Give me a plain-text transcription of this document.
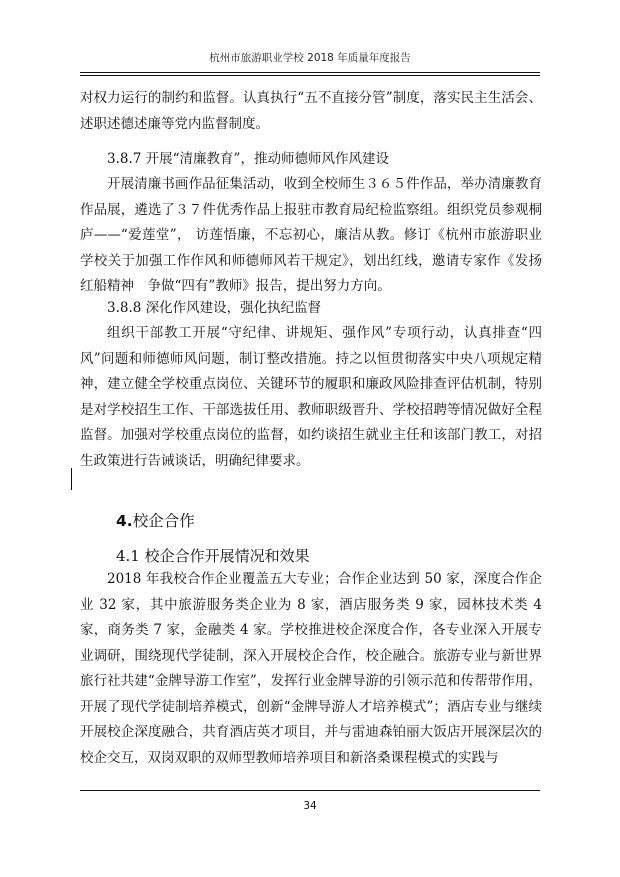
杭州市旅游职业学校 2018 年质量年度报告

对权力运行的制约和监督。认真执行“五不直接分管”制度，落实民主生活会、述职述德述廉等党内监督制度。

3.8.7 开展“清廉教育”，推动师德师风作风建设

开展清廉书画作品征集活动，收到全校师生３６５件作品，举办清廉教育作品展，遴选了３７件优秀作品上报驻市教育局纪检监察组。组织党员参观桐庐——“爱莲堂”， 访莲悟廉，不忘初心，廉洁从教。修订《杭州市旅游职业学校关于加强工作作风和师德师风若干规定》，划出红线，邀请专家作《发扬红船精神　争做“四有”教师》报告，提出努力方向。

3.8.8 深化作风建设，强化执纪监督

组织干部教工开展“守纪律、讲规矩、强作风”专项行动，认真排查“四风”问题和师德师风问题，制订整改措施。持之以恒贯彻落实中央八项规定精神，建立健全学校重点岗位、关键环节的履职和廉政风险排查评估机制，特别是对学校招生工作、干部选拔任用、教师职级晋升、学校招聘等情况做好全程监督。加强对学校重点岗位的监督，如约谈招生就业主任和该部门教工，对招生政策进行告诫谈话，明确纪律要求。

4.校企合作
4.1 校企合作开展情况和效果

2018 年我校合作企业覆盖五大专业；合作企业达到 50 家，深度合作企业 32 家，其中旅游服务类企业为 8 家，酒店服务类 9 家，园林技术类 4 家，商务类 7 家，金融类 4 家。学校推进校企深度合作，各专业深入开展专业调研，围绕现代学徒制，深入开展校企合作，校企融合。旅游专业与新世界旅行社共建“金牌导游工作室”，发挥行业金牌导游的引领示范和传帮带作用，开展了现代学徒制培养模式，创新“金牌导游人才培养模式”；酒店专业与继续开展校企深度融合，共育酒店英才项目，并与雷迪森铂丽大饭店开展深层次的校企交互，双岗双职的双师型教师培养项目和新洛桑课程模式的实践与

34
